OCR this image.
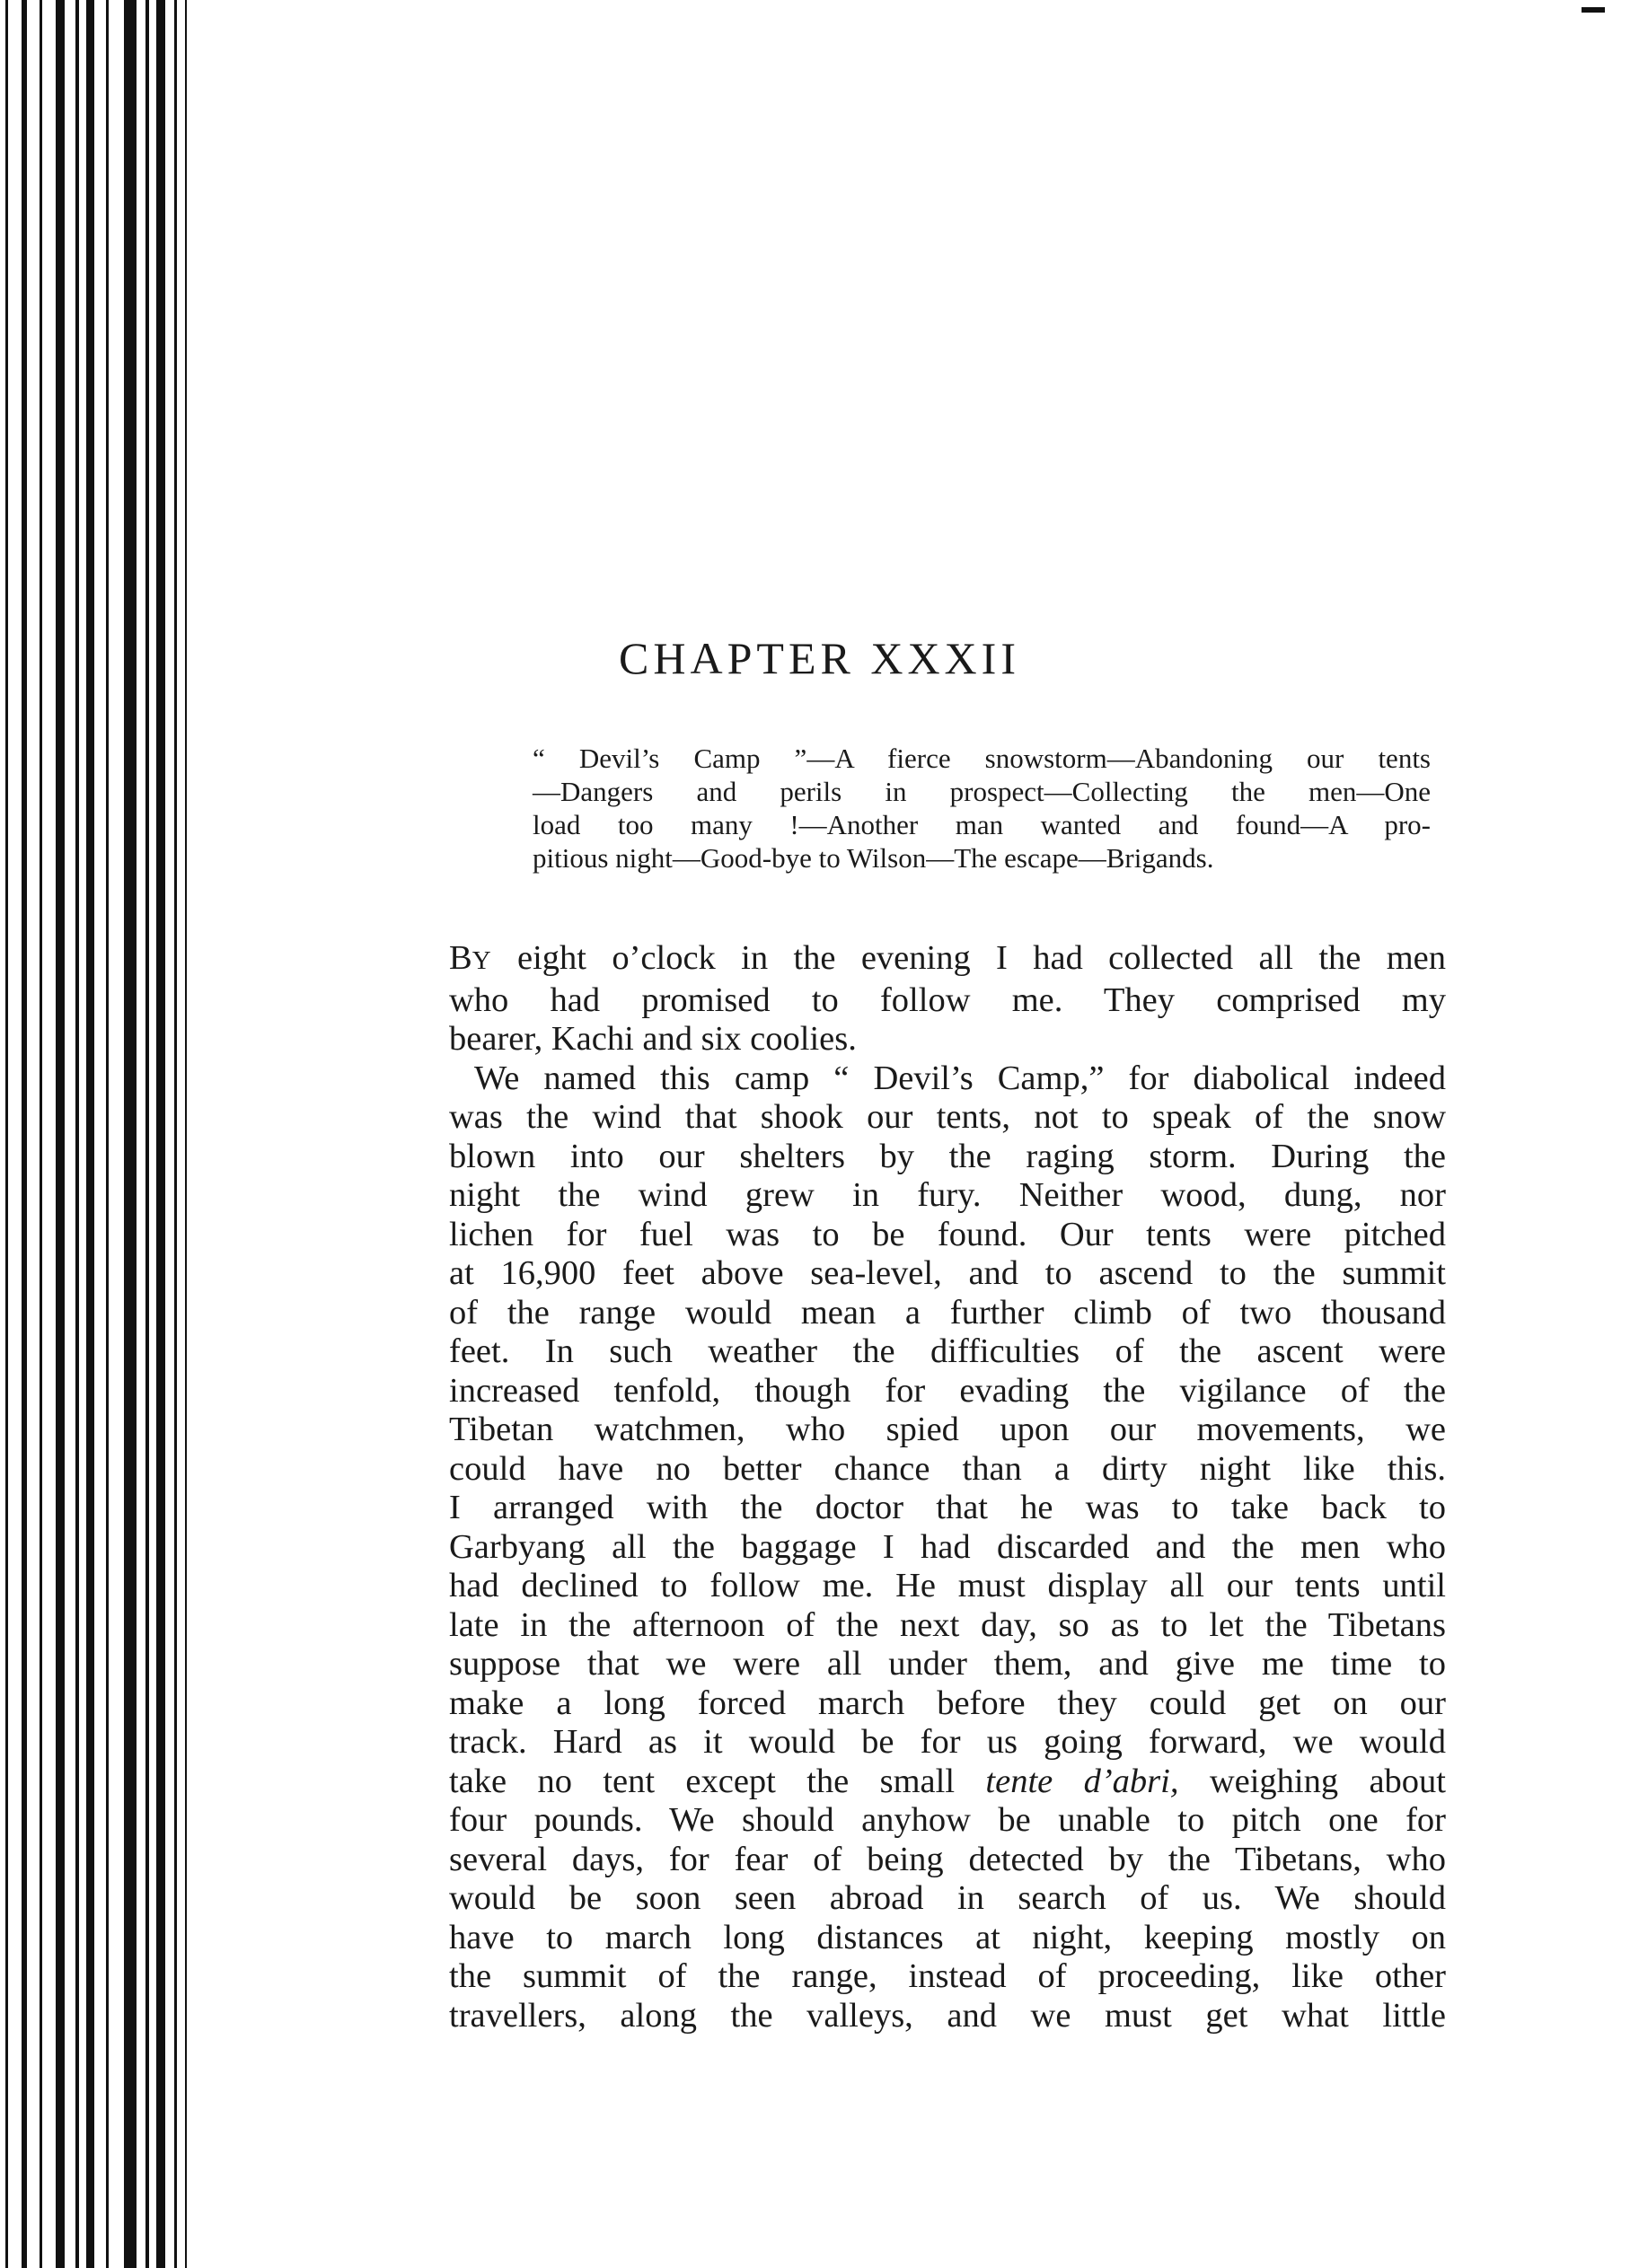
CHAPTER XXXII
“ Devil’s Camp ”—A fierce snowstorm—Abandoning our tents
—Dangers and perils in prospect—Collecting the men—One
load too many !—Another man wanted and found—A pro-
pitious night—Good-bye to Wilson—The escape—Brigands.
BY eight o’clock in the evening I had collected all the men
who had promised to follow me. They comprised my
bearer, Kachi and six coolies.
We named this camp “ Devil’s Camp,” for diabolical indeed
was the wind that shook our tents, not to speak of the snow
blown into our shelters by the raging storm. During the
night the wind grew in fury. Neither wood, dung, nor
lichen for fuel was to be found. Our tents were pitched
at 16,900 feet above sea-level, and to ascend to the summit
of the range would mean a further climb of two thousand
feet. In such weather the difficulties of the ascent were
increased tenfold, though for evading the vigilance of the
Tibetan watchmen, who spied upon our movements, we
could have no better chance than a dirty night like this.
I arranged with the doctor that he was to take back to
Garbyang all the baggage I had discarded and the men who
had declined to follow me. He must display all our tents until
late in the afternoon of the next day, so as to let the Tibetans
suppose that we were all under them, and give me time to
make a long forced march before they could get on our
track. Hard as it would be for us going forward, we would
take no tent except the small tente d’abri, weighing about
four pounds. We should anyhow be unable to pitch one for
several days, for fear of being detected by the Tibetans, who
would be soon seen abroad in search of us. We should
have to march long distances at night, keeping mostly on
the summit of the range, instead of proceeding, like other
travellers, along the valleys, and we must get what little
